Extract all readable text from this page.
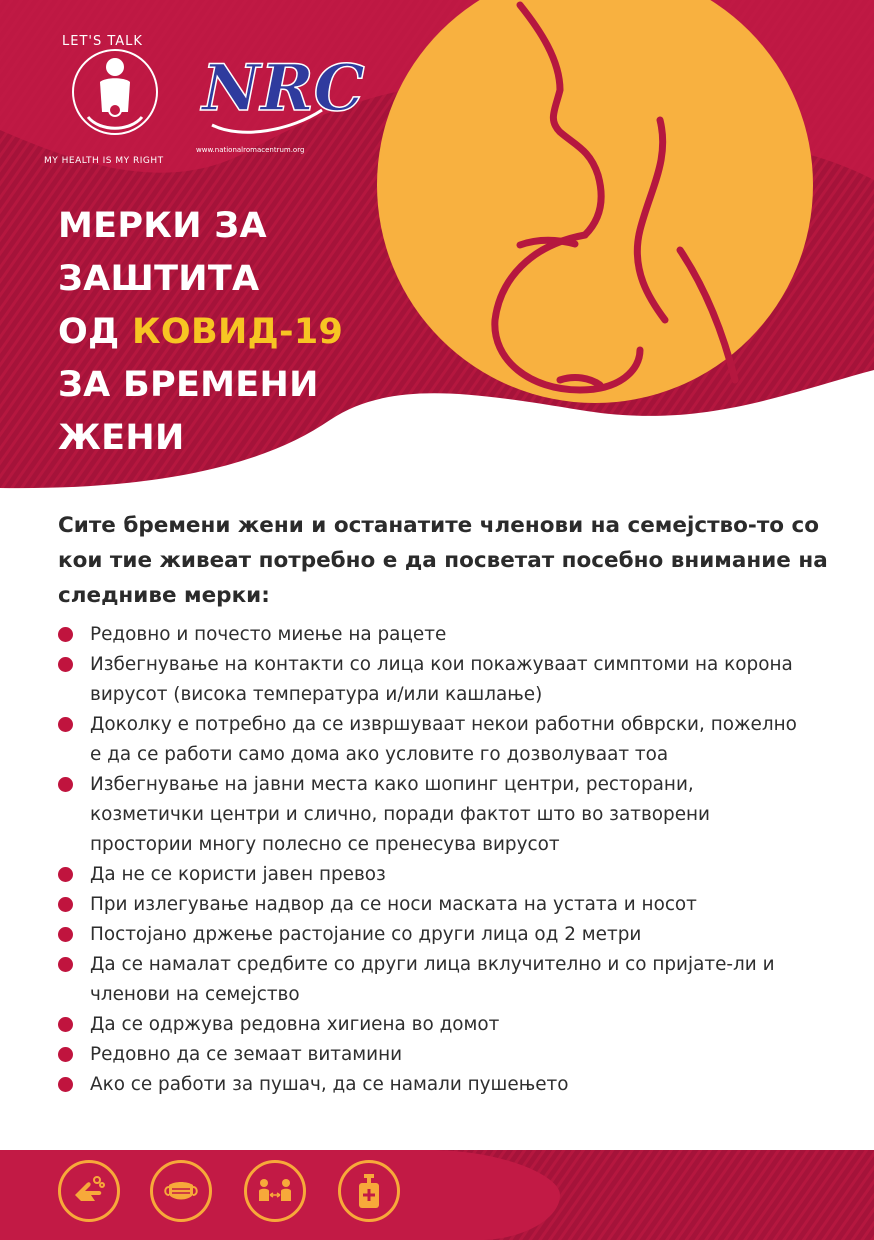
LET'S TALK
MY HEALTH IS MY RIGHT
NRC
www.nationalromacentrum.org
МЕРКИ ЗА
ЗАШТИТА
ОД КОВИД-19
ЗА БРЕМЕНИ
ЖЕНИ

Сите бремени жени и останатите членови на семејство-то со кои тие живеат потребно е да посветат посебно внимание на следниве мерки:

Редовно и почесто миење на рацете
Избегнување на контакти со лица кои покажуваат симптоми на корона вирусот (висока температура и/или кашлање)
Доколку е потребно да се извршуваат некои работни обврски, пожелно е да се работи само дома ако условите го дозволуваат тоа
Избегнување на јавни места како шопинг центри, ресторани, козметички центри и слично, поради фактот што во затворени простории многу полесно се пренесува вирусот
Да не се користи јавен превоз
При излегување надвор да се носи маската на устата и носот
Постојано држење растојание со други лица од 2 метри
Да се намалат средбите со други лица вклучително и со пријате-ли и членови на семејство
Да се одржува редовна хигиена во домот
Редовно да се земаат витамини
Ако се работи за пушач, да се намали пушењето
